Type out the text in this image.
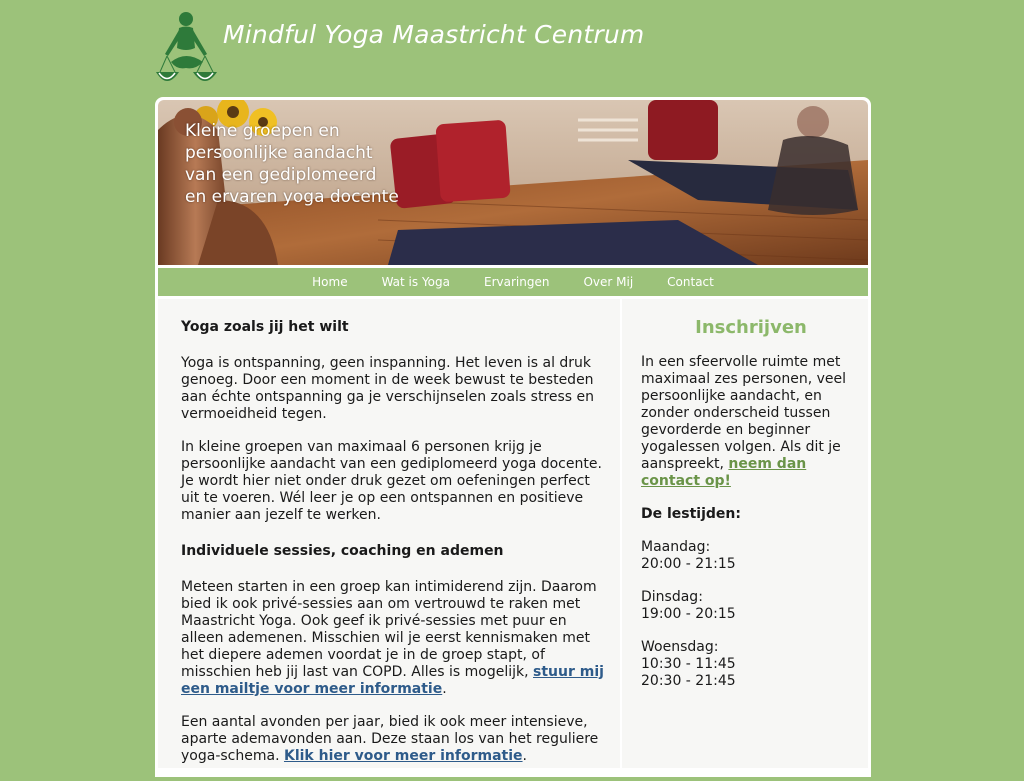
Mindful Yoga Maastricht Centrum
Kleine groepen en persoonlijke aandacht van een gediplomeerd en ervaren yoga docente
Home	Wat is Yoga	Ervaringen	Over Mij	Contact
Yoga zoals jij het wilt

Yoga is ontspanning, geen inspanning. Het leven is al druk genoeg. Door een moment in de week bewust te besteden aan échte ontspanning ga je verschijnselen zoals stress en vermoeidheid tegen.

In kleine groepen van maximaal 6 personen krijg je persoonlijke aandacht van een gediplomeerd yoga docente. Je wordt hier niet onder druk gezet om oefeningen perfect uit te voeren. Wél leer je op een ontspannen en positieve manier aan jezelf te werken.

Individuele sessies, coaching en ademen

Meteen starten in een groep kan intimiderend zijn. Daarom bied ik ook privé-sessies aan om vertrouwd te raken met Maastricht Yoga. Ook geef ik privé-sessies met puur en alleen ademenen. Misschien wil je eerst kennismaken met het diepere ademen voordat je in de groep stapt, of misschien heb jij last van COPD. Alles is mogelijk, stuur mij een mailtje voor meer informatie.

Een aantal avonden per jaar, bied ik ook meer intensieve, aparte ademavonden aan. Deze staan los van het reguliere yoga-schema. Klik hier voor meer informatie.

Inschrijven

In een sfeervolle ruimte met maximaal zes personen, veel persoonlijke aandacht, en zonder onderscheid tussen gevorderde en beginner yogalessen volgen. Als dit je aanspreekt, neem dan contact op!

De lestijden:

Maandag:
20:00 - 21:15

Dinsdag:
19:00 - 20:15

Woensdag:
10:30 - 11:45
20:30 - 21:45
